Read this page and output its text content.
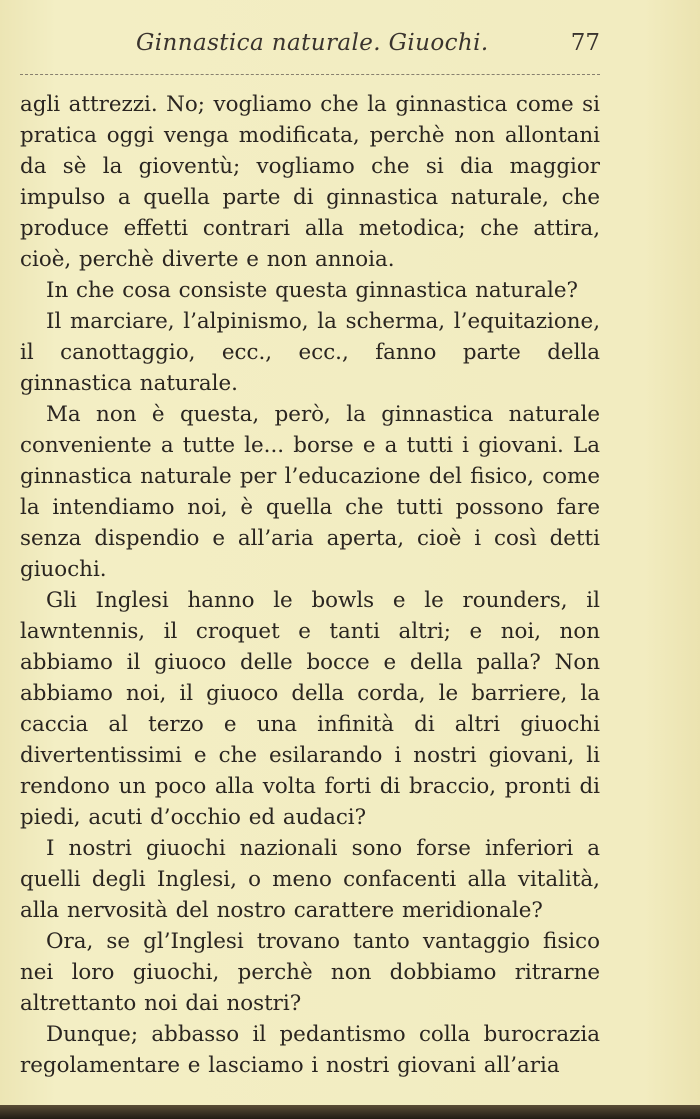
Ginnastica naturale. Giuochi.	77

agli attrezzi. No; vogliamo che la ginnastica come si pratica oggi venga modificata, perchè non allontani da sè la gioventù; vogliamo che si dia maggior impulso a quella parte di ginnastica naturale, che produce effetti contrari alla metodica; che attira, cioè, perchè diverte e non annoia.

In che cosa consiste questa ginnastica naturale?

Il marciare, l’alpinismo, la scherma, l’equitazione, il canottaggio, ecc., ecc., fanno parte della ginnastica naturale.

Ma non è questa, però, la ginnastica naturale conveniente a tutte le... borse e a tutti i giovani. La ginnastica naturale per l’educazione del fisico, come la intendiamo noi, è quella che tutti possono fare senza dispendio e all’aria aperta, cioè i così detti giuochi.

Gli Inglesi hanno le bowls e le rounders, il lawntennis, il croquet e tanti altri; e noi, non abbiamo il giuoco delle bocce e della palla? Non abbiamo noi, il giuoco della corda, le barriere, la caccia al terzo e una infinità di altri giuochi divertentissimi e che esilarando i nostri giovani, li rendono un poco alla volta forti di braccio, pronti di piedi, acuti d’occhio ed audaci?

I nostri giuochi nazionali sono forse inferiori a quelli degli Inglesi, o meno confacenti alla vitalità, alla nervosità del nostro carattere meridionale?

Ora, se gl’Inglesi trovano tanto vantaggio fisico nei loro giuochi, perchè non dobbiamo ritrarne altrettanto noi dai nostri?

Dunque; abbasso il pedantismo colla burocrazia regolamentare e lasciamo i nostri giovani all’aria
